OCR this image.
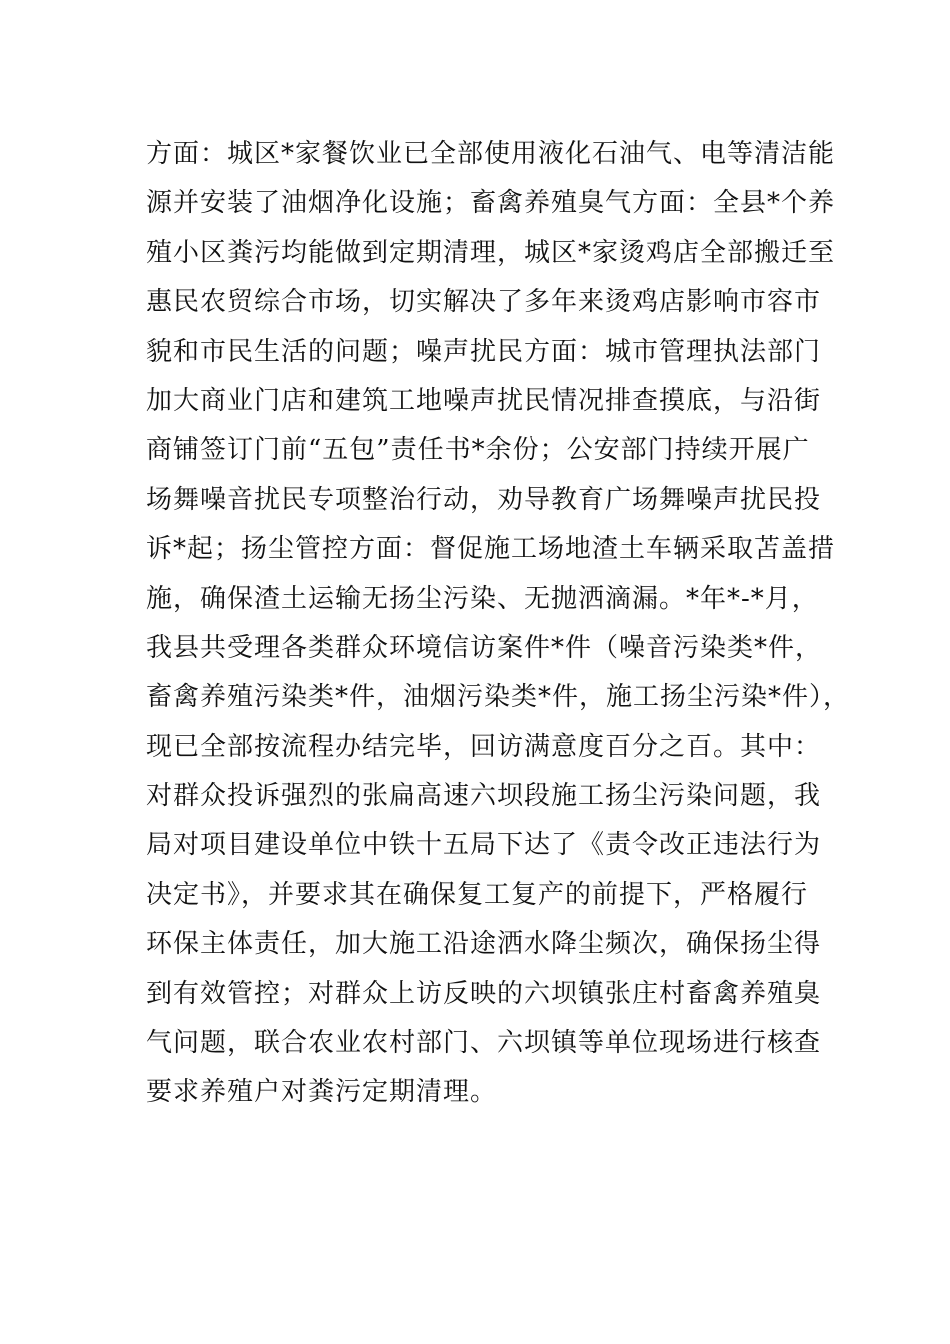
方面：城区*家餐饮业已全部使用液化石油气、电等清洁能
源并安装了油烟净化设施；畜禽养殖臭气方面：全县*个养
殖小区粪污均能做到定期清理，城区*家烫鸡店全部搬迁至
惠民农贸综合市场，切实解决了多年来烫鸡店影响市容市
貌和市民生活的问题；噪声扰民方面：城市管理执法部门
加大商业门店和建筑工地噪声扰民情况排查摸底，与沿街
商铺签订门前“五包”责任书*余份；公安部门持续开展广
场舞噪音扰民专项整治行动，劝导教育广场舞噪声扰民投
诉*起；扬尘管控方面：督促施工场地渣土车辆采取苫盖措
施，确保渣土运输无扬尘污染、无抛洒滴漏。*年*-*月，
我县共受理各类群众环境信访案件*件（噪音污染类*件，
畜禽养殖污染类*件，油烟污染类*件，施工扬尘污染*件），
现已全部按流程办结完毕，回访满意度百分之百。其中：
对群众投诉强烈的张扁高速六坝段施工扬尘污染问题，我
局对项目建设单位中铁十五局下达了《责令改正违法行为
决定书》，并要求其在确保复工复产的前提下，严格履行
环保主体责任，加大施工沿途洒水降尘频次，确保扬尘得
到有效管控；对群众上访反映的六坝镇张庄村畜禽养殖臭
气问题，联合农业农村部门、六坝镇等单位现场进行核查
要求养殖户对粪污定期清理。
